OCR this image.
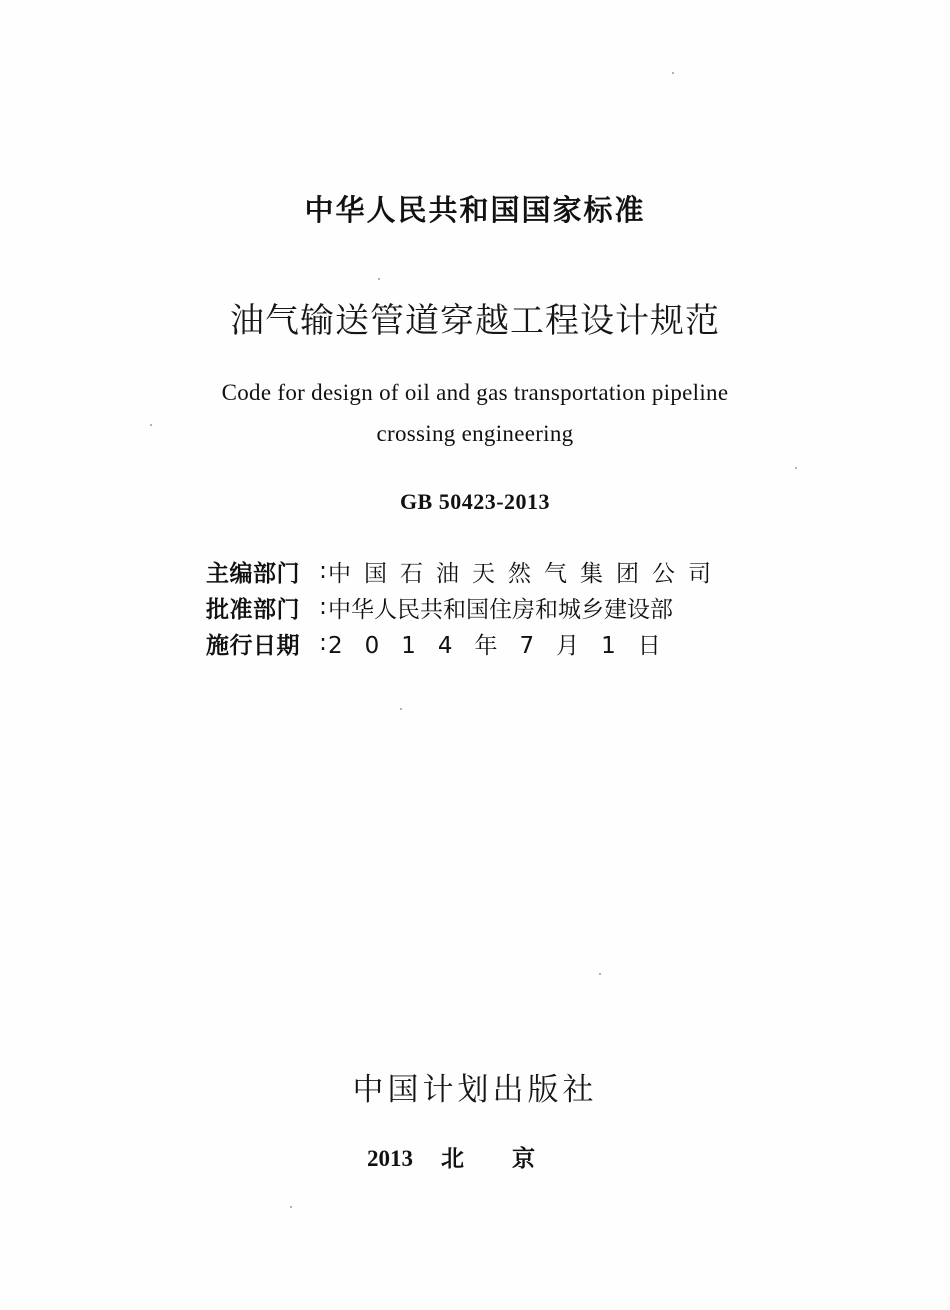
中华人民共和国国家标准
油气输送管道穿越工程设计规范
Code for design of oil and gas transportation pipeline
crossing engineering
GB 50423-2013
主编部门 : 中国石油天然气集团公司
批准部门 : 中华人民共和国住房和城乡建设部
施行日期 : 2014年7月1日
中国计划出版社
2013 北京
